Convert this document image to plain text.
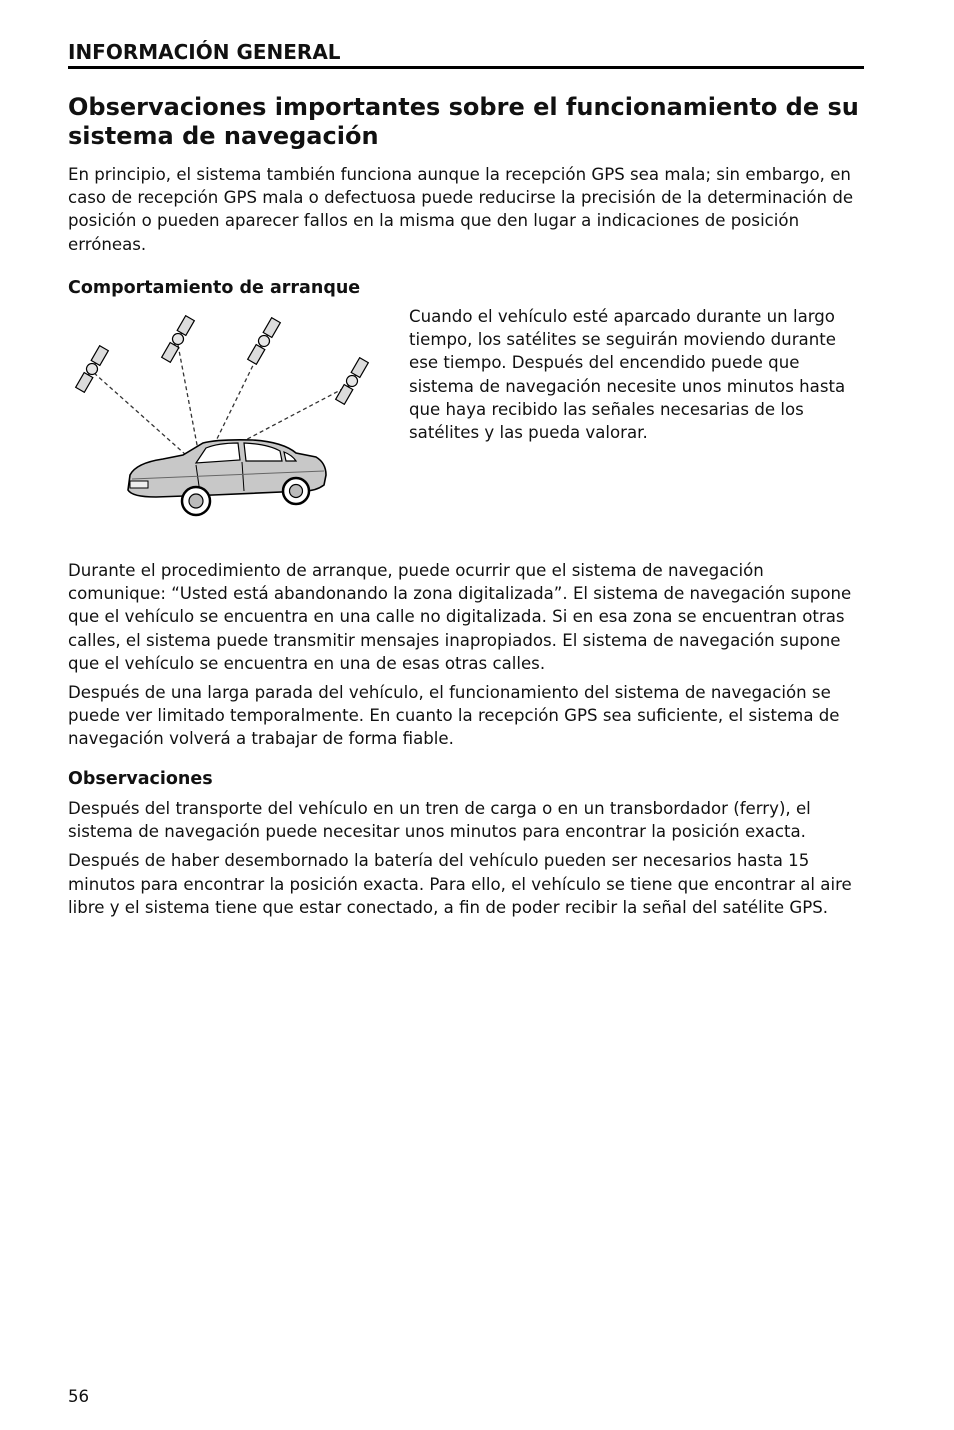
INFORMACIÓN GENERAL
Observaciones importantes sobre el funcionamiento de su sistema de navegación

En principio, el sistema también funciona aunque la recepción GPS sea mala; sin embargo, en caso de recepción GPS mala o defectuosa puede reducirse la precisión de la determinación de posición o pueden aparecer fallos en la misma que den lugar a indicaciones de posición erróneas.

Comportamiento de arranque

Cuando el vehículo esté aparcado durante un largo tiempo, los satélites se seguirán moviendo durante ese tiempo. Después del encendido puede que sistema de navegación necesite unos minutos hasta que haya recibido las señales necesarias de los satélites y las pueda valorar.

Durante el procedimiento de arranque, puede ocurrir que el sistema de navegación comunique: “Usted está abandonando la zona digitalizada”. El sistema de navegación supone que el vehículo se encuentra en una calle no digitalizada. Si en esa zona se encuentran otras calles, el sistema puede transmitir mensajes inapropiados. El sistema de navegación supone que el vehículo se encuentra en una de esas otras calles.

Después de una larga parada del vehículo, el funcionamiento del sistema de navegación se puede ver limitado temporalmente. En cuanto la recepción GPS sea suficiente, el sistema de navegación volverá a trabajar de forma fiable.

Observaciones

Después del transporte del vehículo en un tren de carga o en un transbordador (ferry), el sistema de navegación puede necesitar unos minutos para encontrar la posición exacta.

Después de haber desembornado la batería del vehículo pueden ser necesarios hasta 15 minutos para encontrar la posición exacta. Para ello, el vehículo se tiene que encontrar al aire libre y el sistema tiene que estar conectado, a fin de poder recibir la señal del satélite GPS.

56
